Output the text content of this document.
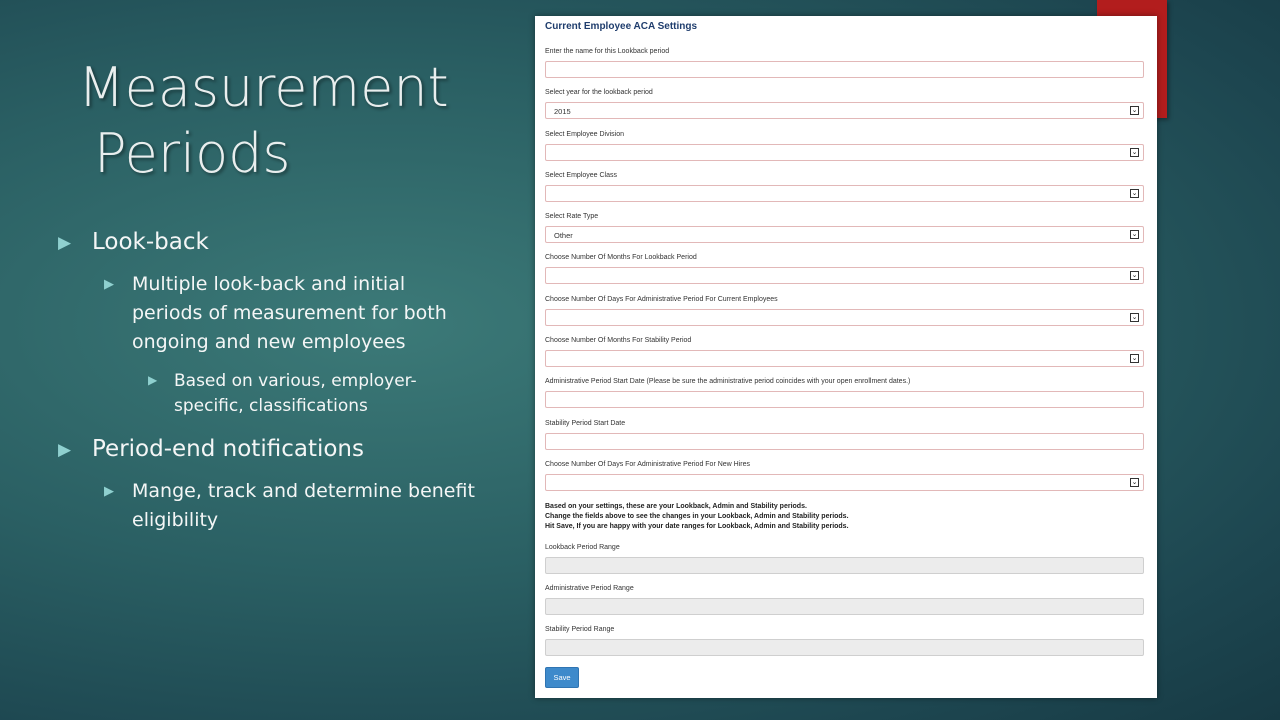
Measurement
Periods
▶ Look-back
▶ Multiple look-back and initial periods of measurement for both ongoing and new employees
▶ Based on various, employer-specific, classifications
▶ Period-end notifications
▶ Mange, track and determine benefit eligibility
Current Employee ACA Settings
Enter the name for this Lookback period
Select year for the lookback period
2015	⌄
Select Employee Division
⌄
Select Employee Class
⌄
Select Rate Type
Other	⌄
Choose Number Of Months For Lookback Period
⌄
Choose Number Of Days For Administrative Period For Current Employees
⌄
Choose Number Of Months For Stability Period
⌄
Administrative Period Start Date (Please be sure the administrative period coincides with your open enrollment dates.)
Stability Period Start Date
Choose Number Of Days For Administrative Period For New Hires
⌄
Based on your settings, these are your Lookback, Admin and Stability periods.
Change the fields above to see the changes in your Lookback, Admin and Stability periods.
Hit Save, If you are happy with your date ranges for Lookback, Admin and Stability periods.
Lookback Period Range
Administrative Period Range
Stability Period Range
Save
